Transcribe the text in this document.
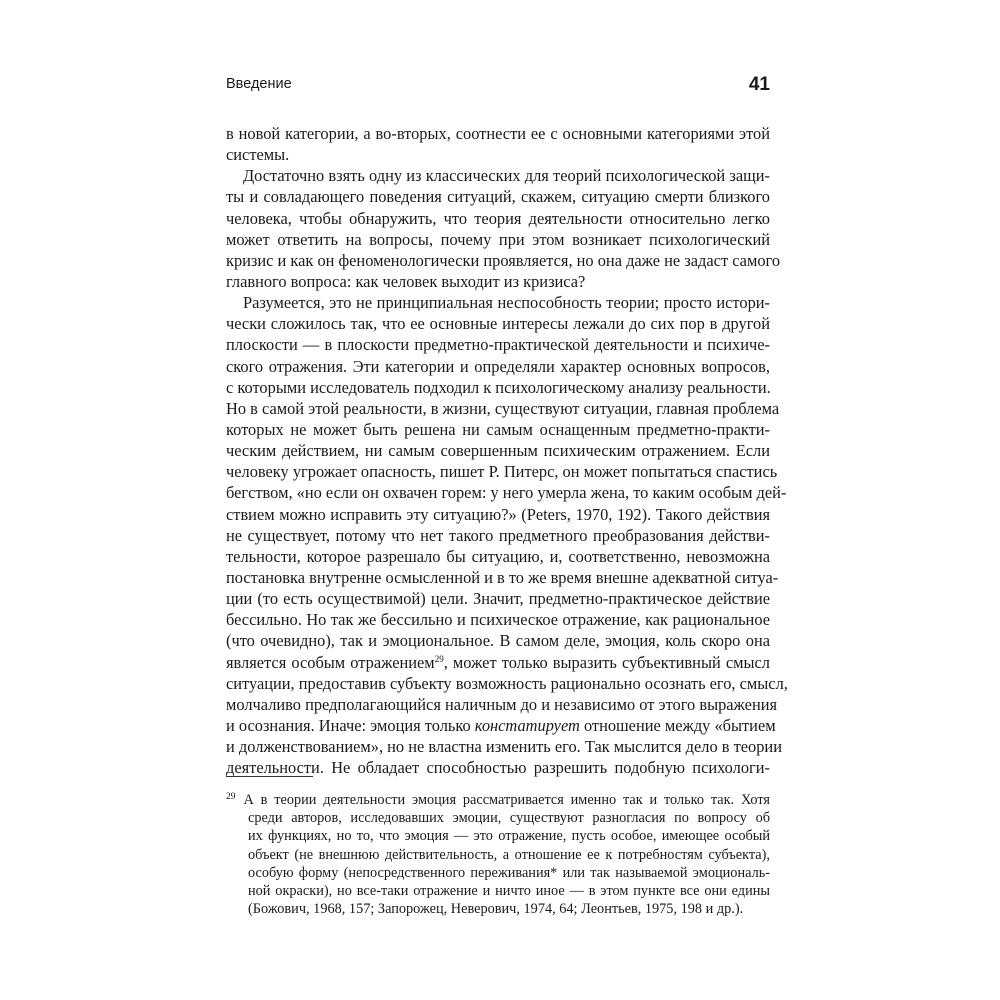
Введение	41
в новой категории, а во-вторых, соотнести ее с основными категориями этой
системы.
Достаточно взять одну из классических для теорий психологической защи-
ты и совладающего поведения ситуаций, скажем, ситуацию смерти близкого
человека, чтобы обнаружить, что теория деятельности относительно легко
может ответить на вопросы, почему при этом возникает психологический
кризис и как он феноменологически проявляется, но она даже не задаст самого
главного вопроса: как человек выходит из кризиса?
Разумеется, это не принципиальная неспособность теории; просто истори-
чески сложилось так, что ее основные интересы лежали до сих пор в другой
плоскости — в плоскости предметно-практической деятельности и психиче-
ского отражения. Эти категории и определяли характер основных вопросов,
с которыми исследователь подходил к психологическому анализу реальности.
Но в самой этой реальности, в жизни, существуют ситуации, главная проблема
которых не может быть решена ни самым оснащенным предметно-практи-
ческим действием, ни самым совершенным психическим отражением. Если
человеку угрожает опасность, пишет Р. Питерс, он может попытаться спастись
бегством, «но если он охвачен горем: у него умерла жена, то каким особым дей-
ствием можно исправить эту ситуацию?» (Peters, 1970, 192). Такого действия
не существует, потому что нет такого предметного преобразования действи-
тельности, которое разрешало бы ситуацию, и, соответственно, невозможна
постановка внутренне осмысленной и в то же время внешне адекватной ситуа-
ции (то есть осуществимой) цели. Значит, предметно-практическое действие
бессильно. Но так же бессильно и психическое отражение, как рациональное
(что очевидно), так и эмоциональное. В самом деле, эмоция, коль скоро она
является особым отражением$^{29}$, может только выразить субъективный смысл
ситуации, предоставив субъекту возможность рационально осознать его, смысл,
молчаливо предполагающийся наличным до и независимо от этого выражения
и осознания. Иначе: эмоция только констатирует отношение между «бытием
и долженствованием», но не властна изменить его. Так мыслится дело в теории
деятельности. Не обладает способностью разрешить подобную психологи-
$^{29}$ А в теории деятельности эмоция рассматривается именно так и только так. Хотя
среди авторов, исследовавших эмоции, существуют разногласия по вопросу об
их функциях, но то, что эмоция — это отражение, пусть особое, имеющее особый
объект (не внешнюю действительность, а отношение ее к потребностям субъекта),
особую форму (непосредственного переживания* или так называемой эмоциональ-
ной окраски), но все-таки отражение и ничто иное — в этом пункте все они едины
(Божович, 1968, 157; Запорожец, Неверович, 1974, 64; Леонтьев, 1975, 198 и др.).
